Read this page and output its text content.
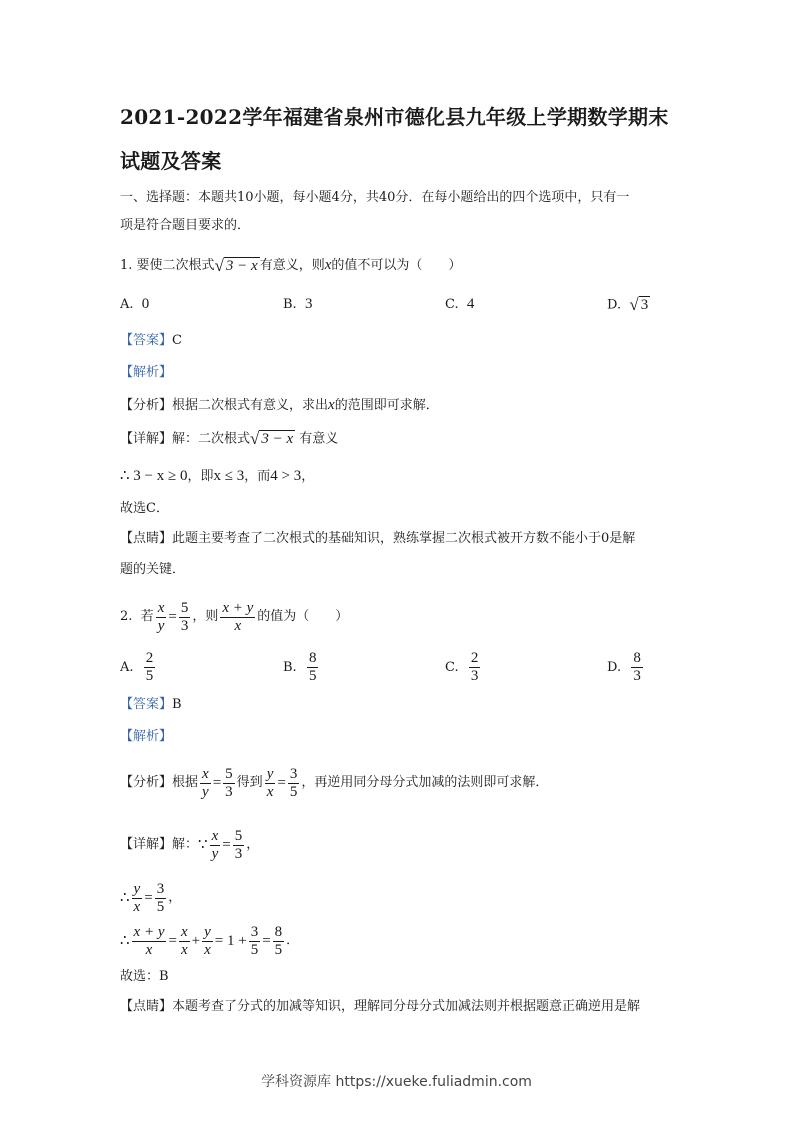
2021-2022学年福建省泉州市德化县九年级上学期数学期末
试题及答案
一、选择题：本题共10小题，每小题4分，共40分．在每小题给出的四个选项中，只有一
项是符合题目要求的．
1. 要使二次根式 √ 3 − x 有意义，则x的值不可以为（　　）
A. 0	B. 3	C. 4	D. √ 3
【答案】C
【解析】
【分析】根据二次根式有意义，求出x的范围即可求解．
【详解】解：二次根式 √ 3 − x 有意义
∴ 3 − x ≥ 0，即x ≤ 3，而4 > 3，
故选C．
【点睛】此题主要考查了二次根式的基础知识，熟练掌握二次根式被开方数不能小于0是解
题的关键．
2.
若 $\frac{x}{y} = \frac{5}{3}$ ，则 $\frac{x + y}{x}$ 的值为（　　）
A.
$\frac{2}{5}$	B.
$\frac{8}{5}$	C.
$\frac{2}{3}$	D.
$\frac{8}{3}$
【答案】B
【解析】
【分析】 根据 $\frac{x}{y} = \frac{5}{3}$ 得到 $\frac{y}{x} = \frac{3}{5}$ ，再逆用同分母分式加减的法则即可求解．
【详解】 解： ∵ $\frac{x}{y} = \frac{5}{3}$ ，
∴ $\frac{y}{x} = \frac{3}{5}$ ，
∴ $\frac{x + y}{x} = \frac{x}{x} + \frac{y}{x} = 1 + \frac{3}{5} = \frac{8}{5}$ ．
故选：B
【点睛】本题考查了分式的加减等知识，理解同分母分式加减法则并根据题意正确逆用是解
学科资源库 https://xueke.fuliadmin.com
